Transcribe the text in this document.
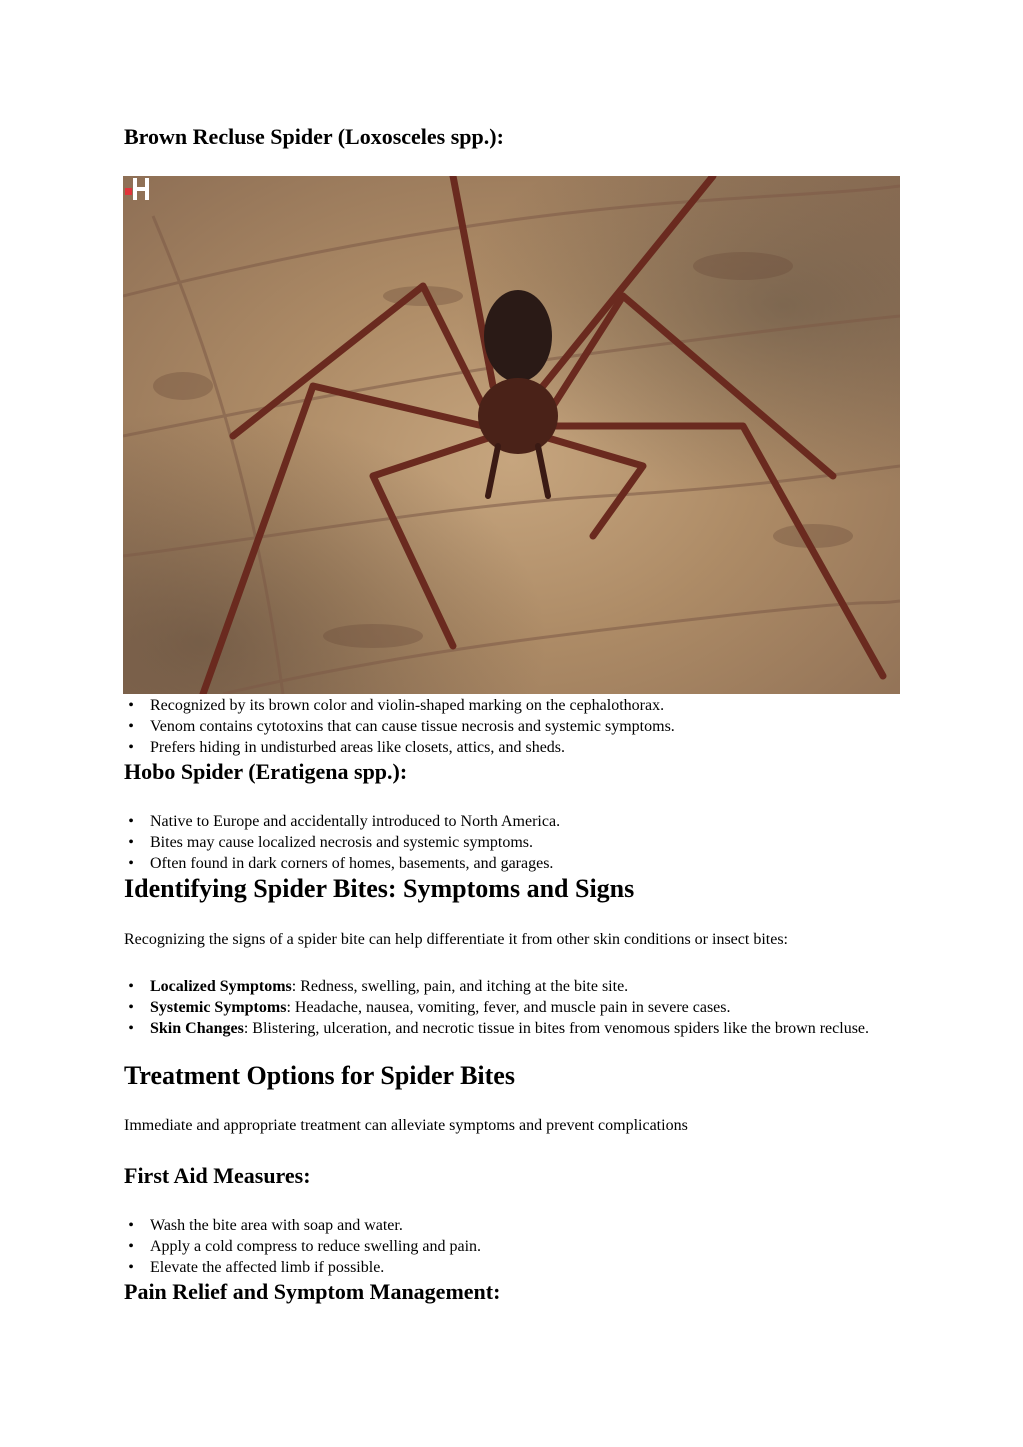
Brown Recluse Spider (Loxosceles spp.):
• Recognized by its brown color and violin-shaped marking on the cephalothorax.
• Venom contains cytotoxins that can cause tissue necrosis and systemic symptoms.
• Prefers hiding in undisturbed areas like closets, attics, and sheds.
Hobo Spider (Eratigena spp.):
• Native to Europe and accidentally introduced to North America.
• Bites may cause localized necrosis and systemic symptoms.
• Often found in dark corners of homes, basements, and garages.
Identifying Spider Bites: Symptoms and Signs

Recognizing the signs of a spider bite can help differentiate it from other skin conditions or insect bites:

• Localized Symptoms: Redness, swelling, pain, and itching at the bite site.
• Systemic Symptoms: Headache, nausea, vomiting, fever, and muscle pain in severe cases.
• Skin Changes: Blistering, ulceration, and necrotic tissue in bites from venomous spiders like the brown recluse.
Treatment Options for Spider Bites

Immediate and appropriate treatment can alleviate symptoms and prevent complications

First Aid Measures:
• Wash the bite area with soap and water.
• Apply a cold compress to reduce swelling and pain.
• Elevate the affected limb if possible.
Pain Relief and Symptom Management:
